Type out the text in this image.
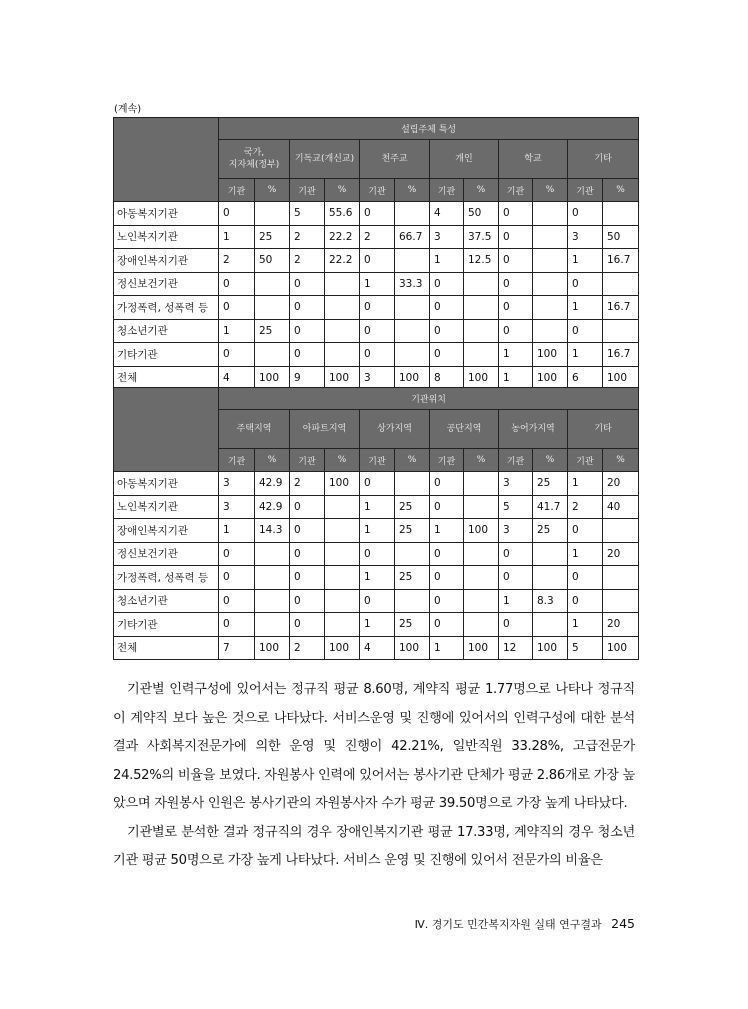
(계속)
	설립주체 특성											
	국가,
지자체(정부)		기독교(개신교)		천주교		개인		학교		기타	
	기관	%	기관	%	기관	%	기관	%	기관	%	기관	%
아동복지기관	0		5	55.6	0		4	50	0		0	
노인복지기관	1	25	2	22.2	2	66.7	3	37.5	0		3	50
장애인복지기관	2	50	2	22.2	0		1	12.5	0		1	16.7
정신보건기관	0		0		1	33.3	0		0		0	
가정폭력, 성폭력 등	0		0		0		0		0		1	16.7
청소년기관	1	25	0		0		0		0		0	
기타기관	0		0		0		0		1	100	1	16.7
전체	4	100	9	100	3	100	8	100	1	100	6	100
	기관위치											
	주택지역		아파트지역		상가지역		공단지역		농어가지역		기타	
	기관	%	기관	%	기관	%	기관	%	기관	%	기관	%
아동복지기관	3	42.9	2	100	0		0		3	25	1	20
노인복지기관	3	42.9	0		1	25	0		5	41.7	2	40
장애인복지기관	1	14.3	0		1	25	1	100	3	25	0	
정신보건기관	0		0		0		0		0		1	20
가정폭력, 성폭력 등	0		0		1	25	0		0		0	
청소년기관	0		0		0		0		1	8.3	0	
기타기관	0		0		1	25	0		0		1	20
전체	7	100	2	100	4	100	1	100	12	100	5	100

기관별 인력구성에 있어서는 정규직 평균 8.60명, 계약직 평균 1.77명으로 나타나 정규직이 계약직 보다 높은 것으로 나타났다. 서비스운영 및 진행에 있어서의 인력구성에 대한 분석결과 사회복지전문가에 의한 운영 및 진행이 42.21%, 일반직원 33.28%, 고급전문가 24.52%의 비율을 보였다. 자원봉사 인력에 있어서는 봉사기관 단체가 평균 2.86개로 가장 높았으며 자원봉사 인원은 봉사기관의 자원봉사자 수가 평균 39.50명으로 가장 높게 나타났다.

기관별로 분석한 결과 정규직의 경우 장애인복지기관 평균 17.33명, 계약직의 경우 청소년기관 평균 50명으로 가장 높게 나타났다. 서비스 운영 및 진행에 있어서 전문가의 비율은

Ⅳ. 경기도 민간복지자원 실태 연구결과 245
